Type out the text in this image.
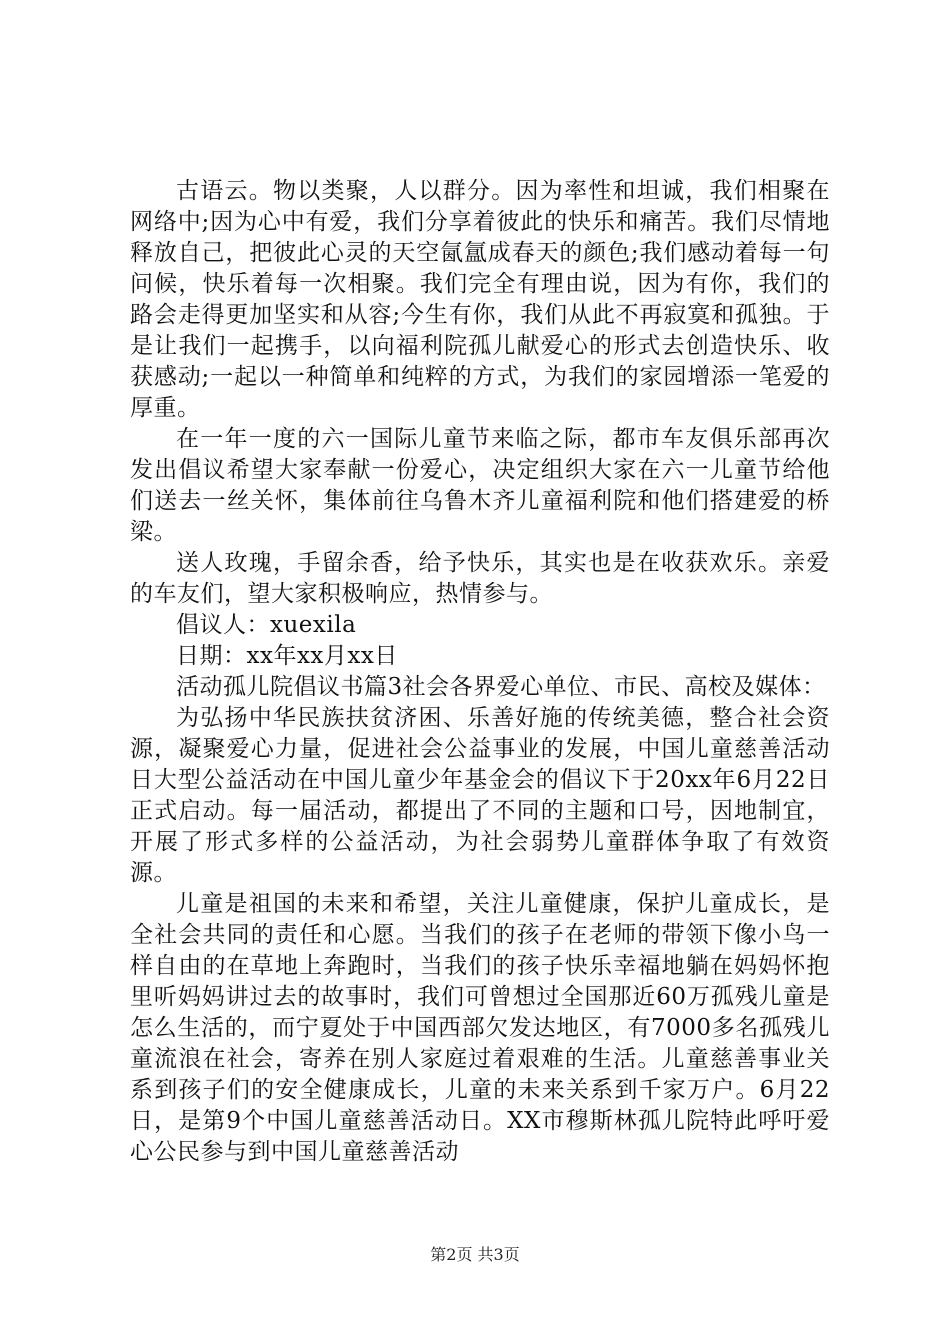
古语云。物以类聚，人以群分。因为率性和坦诚，我们相聚在网络中;因为心中有爱，我们分享着彼此的快乐和痛苦。我们尽情地释放自己，把彼此心灵的天空氤氲成春天的颜色;我们感动着每一句问候，快乐着每一次相聚。我们完全有理由说，因为有你，我们的路会走得更加坚实和从容;今生有你，我们从此不再寂寞和孤独。于是让我们一起携手，以向福利院孤儿献爱心的形式去创造快乐、收获感动;一起以一种简单和纯粹的方式，为我们的家园增添一笔爱的厚重。

在一年一度的六一国际儿童节来临之际，都市车友俱乐部再次发出倡议希望大家奉献一份爱心，决定组织大家在六一儿童节给他们送去一丝关怀，集体前往乌鲁木齐儿童福利院和他们搭建爱的桥梁。

送人玫瑰，手留余香，给予快乐，其实也是在收获欢乐。亲爱的车友们，望大家积极响应，热情参与。

倡议人：xuexila

日期：xx年xx月xx日

活动孤儿院倡议书篇3社会各界爱心单位、市民、高校及媒体：

为弘扬中华民族扶贫济困、乐善好施的传统美德，整合社会资源，凝聚爱心力量，促进社会公益事业的发展，中国儿童慈善活动日大型公益活动在中国儿童少年基金会的倡议下于20xx年6月22日正式启动。每一届活动，都提出了不同的主题和口号，因地制宜，开展了形式多样的公益活动，为社会弱势儿童群体争取了有效资源。

儿童是祖国的未来和希望，关注儿童健康，保护儿童成长，是全社会共同的责任和心愿。当我们的孩子在老师的带领下像小鸟一样自由的在草地上奔跑时，当我们的孩子快乐幸福地躺在妈妈怀抱里听妈妈讲过去的故事时，我们可曾想过全国那近60万孤残儿童是怎么生活的，而宁夏处于中国西部欠发达地区，有7000多名孤残儿童流浪在社会，寄养在别人家庭过着艰难的生活。儿童慈善事业关系到孩子们的安全健康成长，儿童的未来关系到千家万户。6月22日，是第9个中国儿童慈善活动日。XX市穆斯林孤儿院特此呼吁爱心公民参与到中国儿童慈善活动

第2页 共3页
